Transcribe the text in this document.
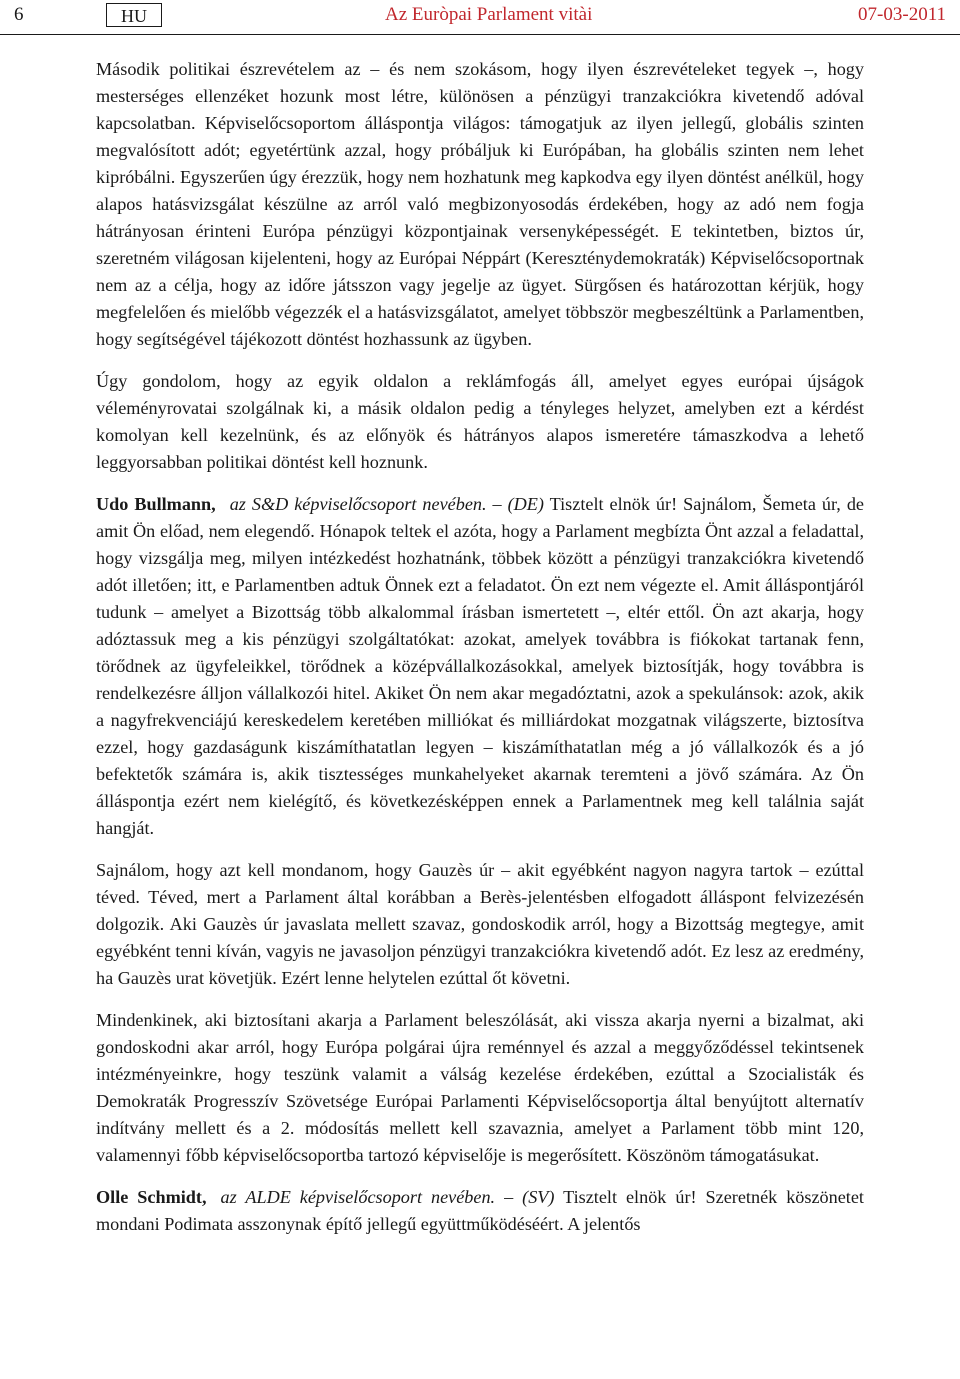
6	HU	Az Euròpai Parlament vitài	07-03-2011

Második politikai észrevételem az – és nem szokásom, hogy ilyen észrevételeket tegyek –, hogy mesterséges ellenzéket hozunk most létre, különösen a pénzügyi tranzakciókra kivetendő adóval kapcsolatban. Képviselőcsoportom álláspontja világos: támogatjuk az ilyen jellegű, globális szinten megvalósított adót; egyetértünk azzal, hogy próbáljuk ki Európában, ha globális szinten nem lehet kipróbálni. Egyszerűen úgy érezzük, hogy nem hozhatunk meg kapkodva egy ilyen döntést anélkül, hogy alapos hatásvizsgálat készülne az arról való megbizonyosodás érdekében, hogy az adó nem fogja hátrányosan érinteni Európa pénzügyi központjainak versenyképességét. E tekintetben, biztos úr, szeretném világosan kijelenteni, hogy az Európai Néppárt (Kereszténydemokraták) Képviselőcsoportnak nem az a célja, hogy az időre játsszon vagy jegelje az ügyet. Sürgősen és határozottan kérjük, hogy megfelelően és mielőbb végezzék el a hatásvizsgálatot, amelyet többször megbeszéltünk a Parlamentben, hogy segítségével tájékozott döntést hozhassunk az ügyben.

Úgy gondolom, hogy az egyik oldalon a reklámfogás áll, amelyet egyes európai újságok véleményrovatai szolgálnak ki, a másik oldalon pedig a tényleges helyzet, amelyben ezt a kérdést komolyan kell kezelnünk, és az előnyök és hátrányos alapos ismeretére támaszkodva a lehető leggyorsabban politikai döntést kell hoznunk.

Udo Bullmann, az S&D képviselőcsoport nevében. – (DE) Tisztelt elnök úr! Sajnálom, Šemeta úr, de amit Ön előad, nem elegendő. Hónapok teltek el azóta, hogy a Parlament megbízta Önt azzal a feladattal, hogy vizsgálja meg, milyen intézkedést hozhatnánk, többek között a pénzügyi tranzakciókra kivetendő adót illetően; itt, e Parlamentben adtuk Önnek ezt a feladatot. Ön ezt nem végezte el. Amit álláspontjáról tudunk – amelyet a Bizottság több alkalommal írásban ismertetett –, eltér ettől. Ön azt akarja, hogy adóztassuk meg a kis pénzügyi szolgáltatókat: azokat, amelyek továbbra is fiókokat tartanak fenn, törődnek az ügyfeleikkel, törődnek a középvállalkozásokkal, amelyek biztosítják, hogy továbbra is rendelkezésre álljon vállalkozói hitel. Akiket Ön nem akar megadóztatni, azok a spekulánsok: azok, akik a nagyfrekvenciájú kereskedelem keretében milliókat és milliárdokat mozgatnak világszerte, biztosítva ezzel, hogy gazdaságunk kiszámíthatatlan legyen – kiszámíthatatlan még a jó vállalkozók és a jó befektetők számára is, akik tisztességes munkahelyeket akarnak teremteni a jövő számára. Az Ön álláspontja ezért nem kielégítő, és következésképpen ennek a Parlamentnek meg kell találnia saját hangját.

Sajnálom, hogy azt kell mondanom, hogy Gauzès úr – akit egyébként nagyon nagyra tartok – ezúttal téved. Téved, mert a Parlament által korábban a Berès-jelentésben elfogadott álláspont felvizezésén dolgozik. Aki Gauzès úr javaslata mellett szavaz, gondoskodik arról, hogy a Bizottság megtegye, amit egyébként tenni kíván, vagyis ne javasoljon pénzügyi tranzakciókra kivetendő adót. Ez lesz az eredmény, ha Gauzès urat követjük. Ezért lenne helytelen ezúttal őt követni.

Mindenkinek, aki biztosítani akarja a Parlament beleszólását, aki vissza akarja nyerni a bizalmat, aki gondoskodni akar arról, hogy Európa polgárai újra reménnyel és azzal a meggyőződéssel tekintsenek intézményeinkre, hogy teszünk valamit a válság kezelése érdekében, ezúttal a Szocialisták és Demokraták Progresszív Szövetsége Európai Parlamenti Képviselőcsoportja által benyújtott alternatív indítvány mellett és a 2. módosítás mellett kell szavaznia, amelyet a Parlament több mint 120, valamennyi főbb képviselőcsoportba tartozó képviselője is megerősített. Köszönöm támogatásukat.

Olle Schmidt, az ALDE képviselőcsoport nevében. – (SV) Tisztelt elnök úr! Szeretnék köszönetet mondani Podimata asszonynak építő jellegű együttműködéséért. A jelentős
